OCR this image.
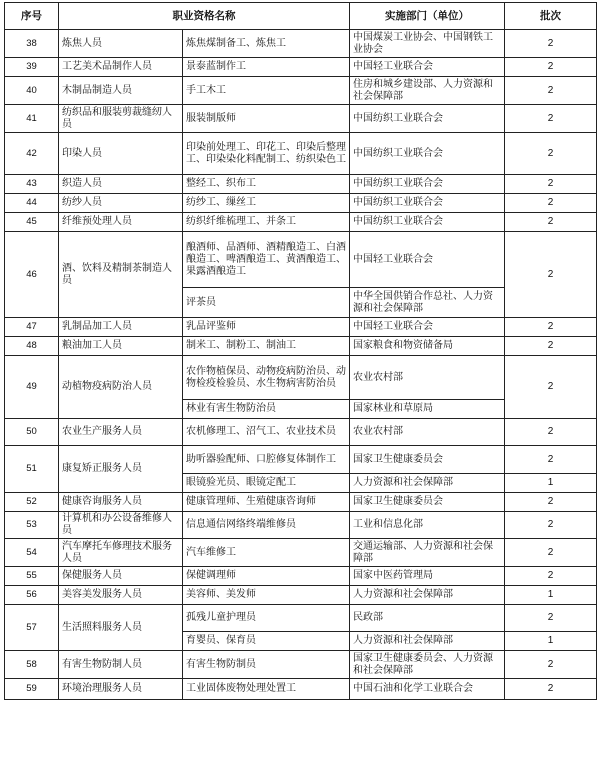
序号	职业资格名称		实施部门（单位）	批次
38	炼焦人员	炼焦煤制备工、炼焦工	中国煤炭工业协会、中国钢铁工业协会	2
39	工艺美术品制作人员	景泰蓝制作工	中国轻工业联合会	2
40	木制品制造人员	手工木工	住房和城乡建设部、人力资源和社会保障部	2
41	纺织品和服装剪裁缝纫人员	服装制版师	中国纺织工业联合会	2
42	印染人员	印染前处理工、印花工、印染后整理工、印染染化料配制工、纺织染色工	中国纺织工业联合会	2
43	织造人员	整经工、织布工	中国纺织工业联合会	2
44	纺纱人员	纺纱工、缫丝工	中国纺织工业联合会	2
45	纤维预处理人员	纺织纤维梳理工、并条工	中国纺织工业联合会	2
46	酒、饮料及精制茶制造人员	酿酒师、品酒师、酒精酿造工、白酒酿造工、啤酒酿造工、黄酒酿造工、果露酒酿造工	中国轻工业联合会	2
		评茶员	中华全国供销合作总社、人力资源和社会保障部	
47	乳制品加工人员	乳品评鉴师	中国轻工业联合会	2
48	粮油加工人员	制米工、制粉工、制油工	国家粮食和物资储备局	2
49	动植物疫病防治人员	农作物植保员、动物疫病防治员、动物检疫检验员、水生物病害防治员	农业农村部	2
		林业有害生物防治员	国家林业和草原局	
50	农业生产服务人员	农机修理工、沼气工、农业技术员	农业农村部	2
51	康复矫正服务人员	助听器验配师、口腔修复体制作工	国家卫生健康委员会	2
		眼镜验光员、眼镜定配工	人力资源和社会保障部	1
52	健康咨询服务人员	健康管理师、生殖健康咨询师	国家卫生健康委员会	2
53	计算机和办公设备维修人员	信息通信网络终端维修员	工业和信息化部	2
54	汽车摩托车修理技术服务人员	汽车维修工	交通运输部、人力资源和社会保障部	2
55	保健服务人员	保健调理师	国家中医药管理局	2
56	美容美发服务人员	美容师、美发师	人力资源和社会保障部	1
57	生活照料服务人员	孤残儿童护理员	民政部	2
		育婴员、保育员	人力资源和社会保障部	1
58	有害生物防制人员	有害生物防制员	国家卫生健康委员会、人力资源和社会保障部	2
59	环境治理服务人员	工业固体废物处理处置工	中国石油和化学工业联合会	2
